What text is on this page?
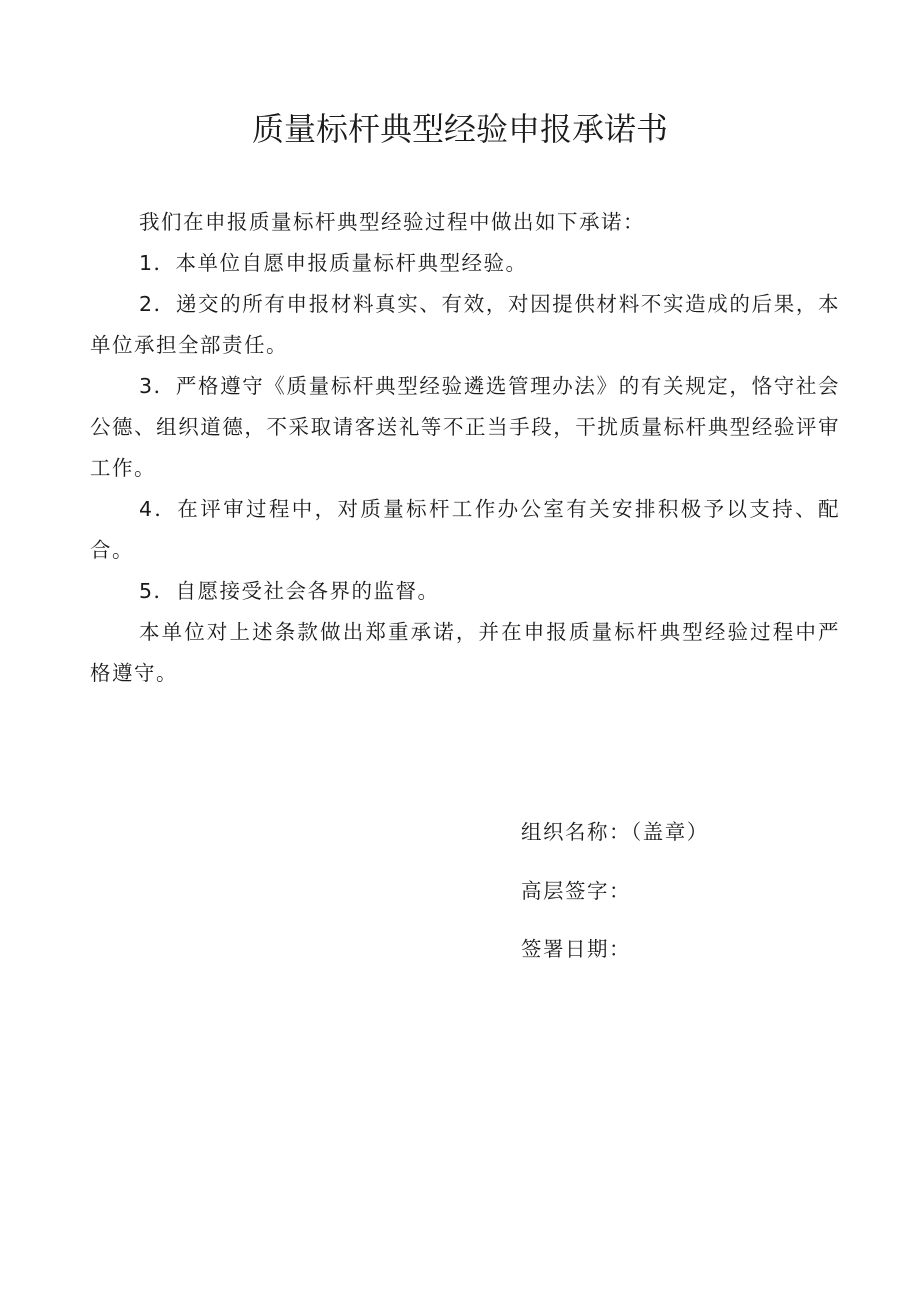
质量标杆典型经验申报承诺书

我们在申报质量标杆典型经验过程中做出如下承诺：

1．本单位自愿申报质量标杆典型经验。

2．递交的所有申报材料真实、有效，对因提供材料不实造成的后果，本单位承担全部责任。

3．严格遵守《质量标杆典型经验遴选管理办法》的有关规定，恪守社会公德、组织道德，不采取请客送礼等不正当手段，干扰质量标杆典型经验评审工作。

4．在评审过程中，对质量标杆工作办公室有关安排积极予以支持、配合。

5．自愿接受社会各界的监督。

本单位对上述条款做出郑重承诺，并在申报质量标杆典型经验过程中严格遵守。

组织名称：（盖章）
高层签字：
签署日期：
